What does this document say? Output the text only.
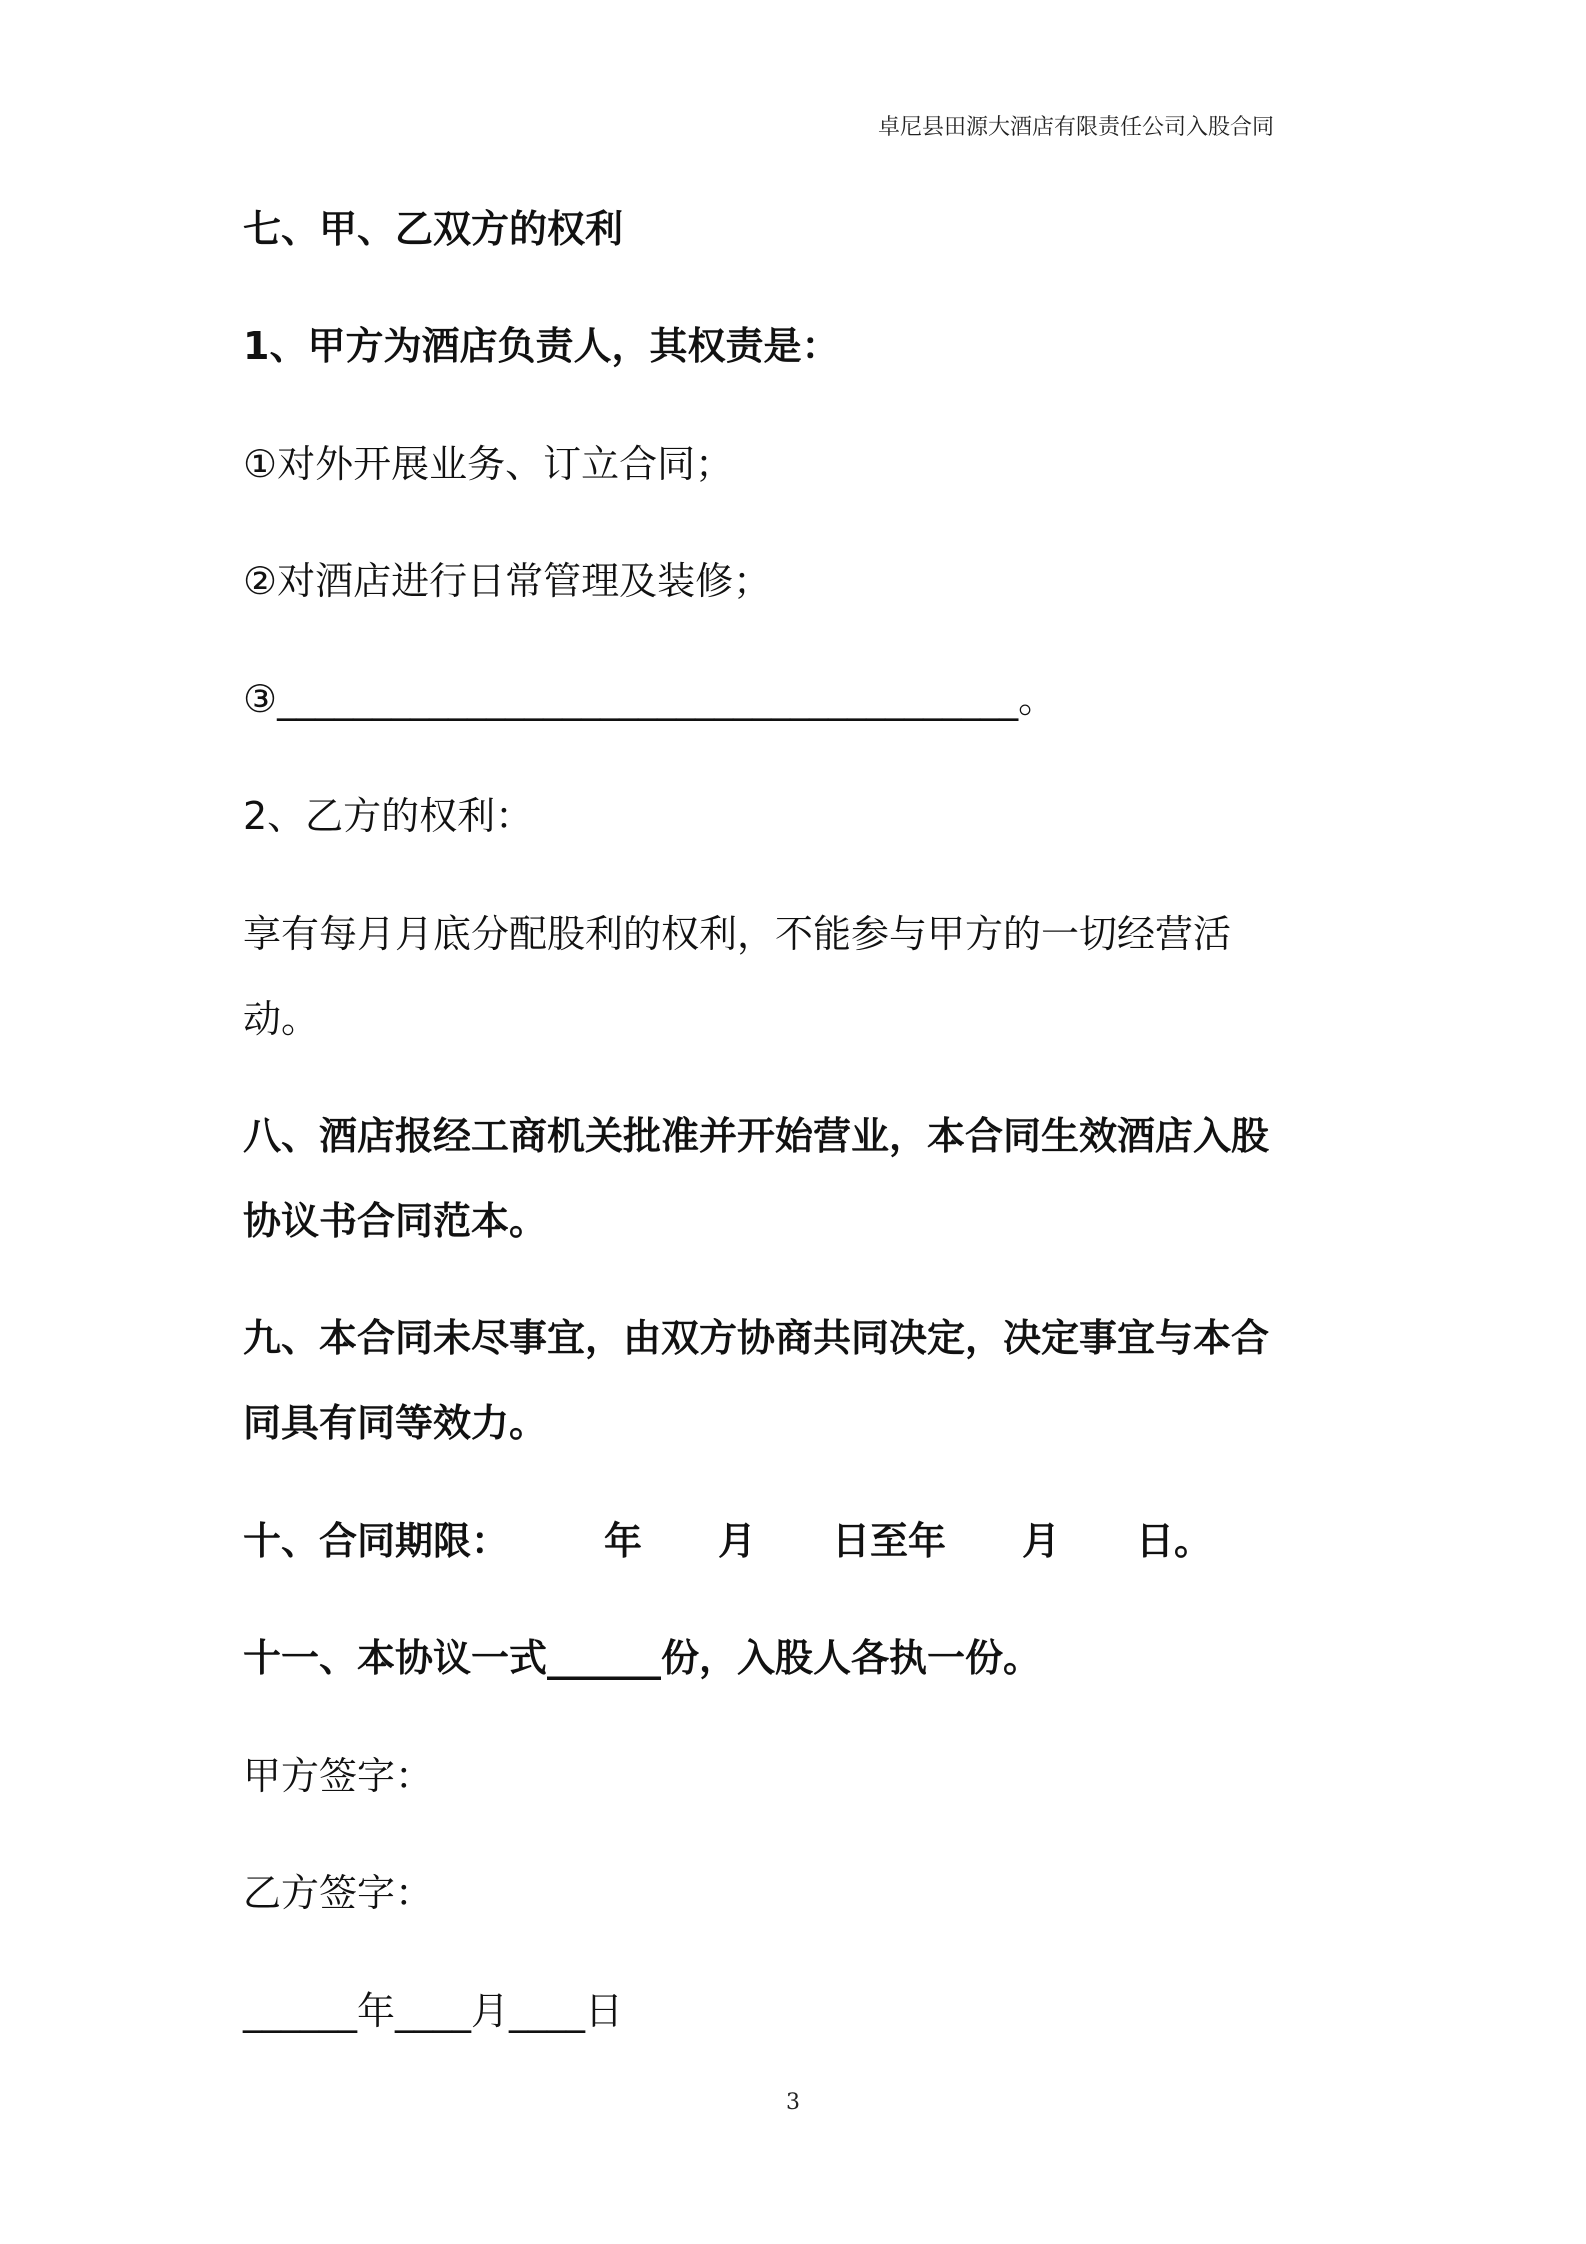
卓尼县田源大酒店有限责任公司入股合同
七、甲、乙双方的权利
1、甲方为酒店负责人，其权责是：
①对外开展业务、订立合同；
②对酒店进行日常管理及装修；
③_______________________________________。
2、乙方的权利：
享有每月月底分配股利的权利，不能参与甲方的一切经营活
动。
八、酒店报经工商机关批准并开始营业，本合同生效酒店入股
协议书合同范本。
九、本合同未尽事宜，由双方协商共同决定，决定事宜与本合
同具有同等效力。
十、合同期限：　　　年　　月　　日至年　　月　　日。
十一、本协议一式______份，入股人各执一份。
甲方签字：
乙方签字：
______年____月____日
3
